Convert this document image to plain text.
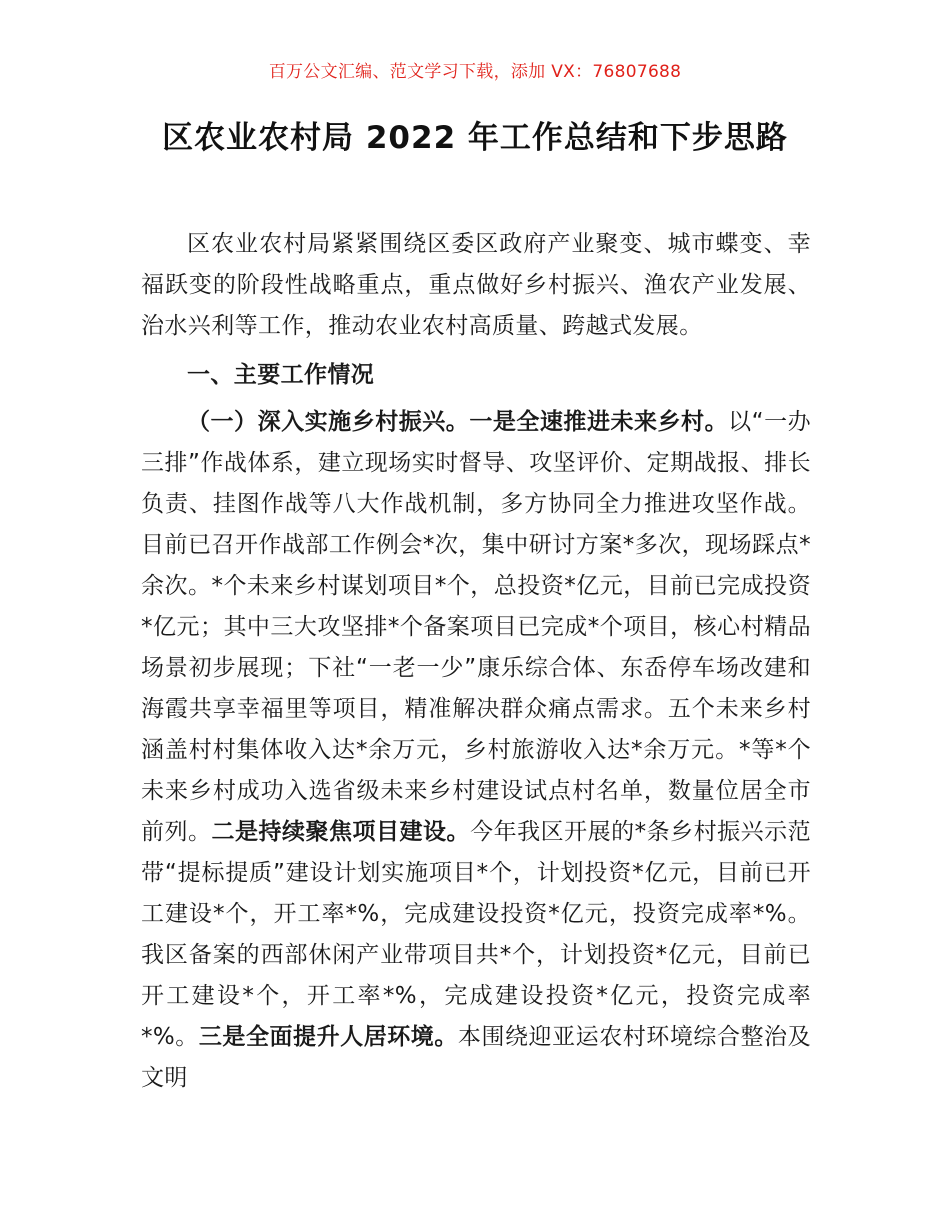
百万公文汇编、范文学习下载，添加 VX：76807688
区农业农村局 2022 年工作总结和下步思路

区农业农村局紧紧围绕区委区政府产业聚变、城市蝶变、幸福跃变的阶段性战略重点，重点做好乡村振兴、渔农产业发展、治水兴利等工作，推动农业农村高质量、跨越式发展。

一、主要工作情况

（一）深入实施乡村振兴。一是全速推进未来乡村。以“一办三排”作战体系，建立现场实时督导、攻坚评价、定期战报、排长负责、挂图作战等八大作战机制，多方协同全力推进攻坚作战。目前已召开作战部工作例会*次，集中研讨方案*多次，现场踩点*余次。*个未来乡村谋划项目*个，总投资*亿元，目前已完成投资*亿元；其中三大攻坚排*个备案项目已完成*个项目，核心村精品场景初步展现；下社“一老一少”康乐综合体、东岙停车场改建和海霞共享幸福里等项目，精准解决群众痛点需求。五个未来乡村涵盖村村集体收入达*余万元，乡村旅游收入达*余万元。*等*个未来乡村成功入选省级未来乡村建设试点村名单，数量位居全市前列。二是持续聚焦项目建设。今年我区开展的*条乡村振兴示范带“提标提质”建设计划实施项目*个，计划投资*亿元，目前已开工建设*个，开工率*%，完成建设投资*亿元，投资完成率*%。我区备案的西部休闲产业带项目共*个，计划投资*亿元，目前已开工建设*个，开工率*%，完成建设投资*亿元，投资完成率*%。三是全面提升人居环境。本围绕迎亚运农村环境综合整治及文明
